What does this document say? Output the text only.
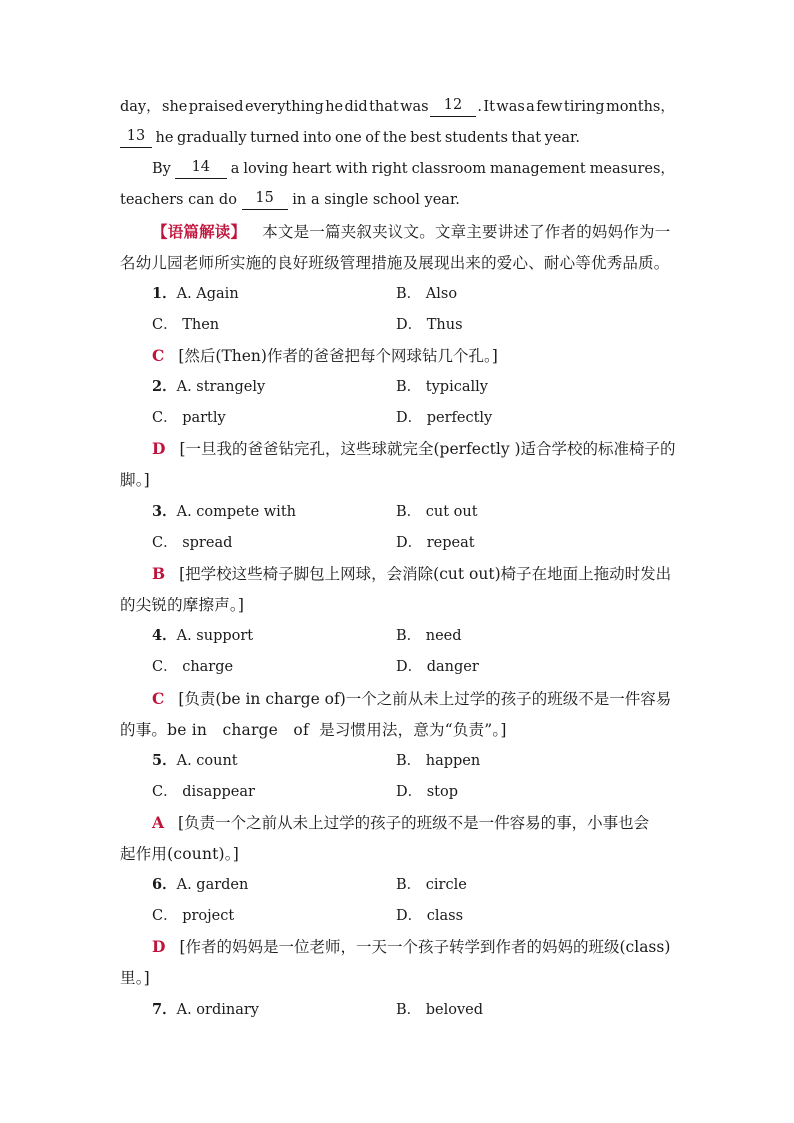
day， she praised everything he did that was	12	. It was a few tiring months，
13 he gradually turned into one of the best students that year.
By	14	a loving heart with right classroom management measures，
teachers can do	15	in a single school year.
【语篇解读】 本文是一篇夹叙夹议文。文章主要讲述了作者的妈妈作为一
名幼儿园老师所实施的良好班级管理措施及展现出来的爱心、耐心等优秀品质。
1．A. Again	B． Also
C． Then	D． Thus
C [然后(Then)作者的爸爸把每个网球钻几个孔。]
2．A. strangely	B． typically
C． partly	D． perfectly
D [一旦我的爸爸钻完孔，这些球就完全(perfectly )适合学校的标准椅子的
脚。]
3．A. compete with	B． cut out
C． spread	D． repeat
B [把学校这些椅子脚包上网球，会消除(cut out)椅子在地面上拖动时发出
的尖锐的摩擦声。]
4．A. support	B． need
C． charge	D． danger
C [负责(be in charge of)一个之前从未上过学的孩子的班级不是一件容易
的事。be in   charge   of  是习惯用法，意为“负责”。]
5．A. count	B． happen
C． disappear	D． stop
A [负责一个之前从未上过学的孩子的班级不是一件容易的事，小事也会
起作用(count)。]
6．A. garden	B． circle
C． project	D． class
D [作者的妈妈是一位老师，一天一个孩子转学到作者的妈妈的班级(class)
里。]
7．A. ordinary	B． beloved
